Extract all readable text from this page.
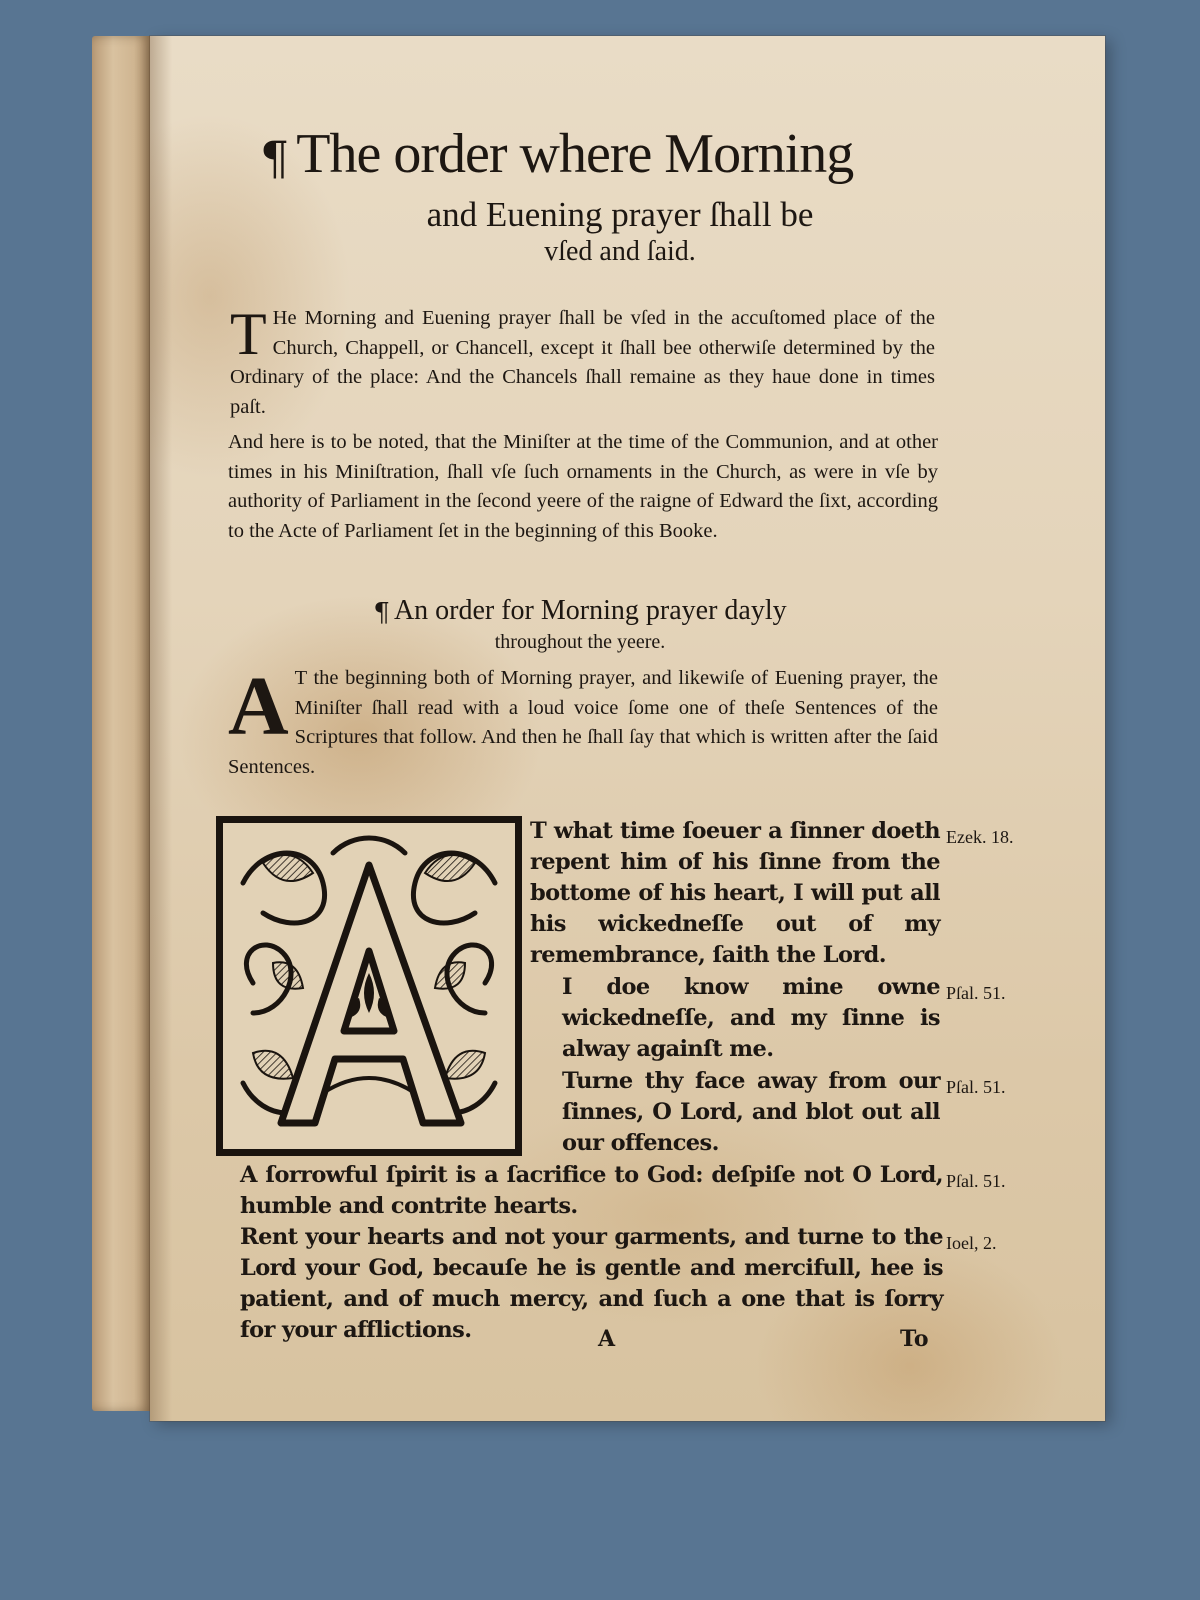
¶ The order where Morning
and Euening prayer ſhall be
vſed and ſaid.
T He Morning and Euening prayer ſhall be vſed in the accuſtomed place of the Church, Chappell, or Chancell, except it ſhall bee otherwiſe determined by the Ordinary of the place: And the Chancels ſhall remaine as they haue done in times paſt.

And here is to be noted, that the Miniſter at the time of the Communion, and at other times in his Miniſtration, ſhall vſe ſuch ornaments in the Church, as were in vſe by authority of Parliament in the ſecond yeere of the raigne of Edward the ſixt, according to the Acte of Parliament ſet in the beginning of this Booke.

¶ An order for Morning prayer dayly
throughout the yeere.
A T the beginning both of Morning prayer, and likewiſe of Euening prayer, the Miniſter ſhall read with a loud voice ſome one of theſe Sentences of the Scriptures that follow. And then he ſhall ſay that which is written after the ſaid Sentences.

T what time ſoeuer a ſinner doeth repent him of his ſinne from the bottome of his heart, I will put all his wickedneſſe out of my remembrance, ſaith the Lord.

I doe know mine owne wickedneſſe, and my ſinne is alway againſt me.

Turne thy face away from our ſinnes, O Lord, and blot out all our offences.

A ſorrowful ſpirit is a ſacrifice to God: deſpiſe not O Lord, humble and contrite hearts.

Rent your hearts and not your garments, and turne to the Lord your God, becauſe he is gentle and mercifull, hee is patient, and of much mercy, and ſuch a one that is ſorry for your afflictions.

Ezek. 18.
Pſal. 51.
Pſal. 51.
Pſal. 51.
Ioel, 2.
A	To
